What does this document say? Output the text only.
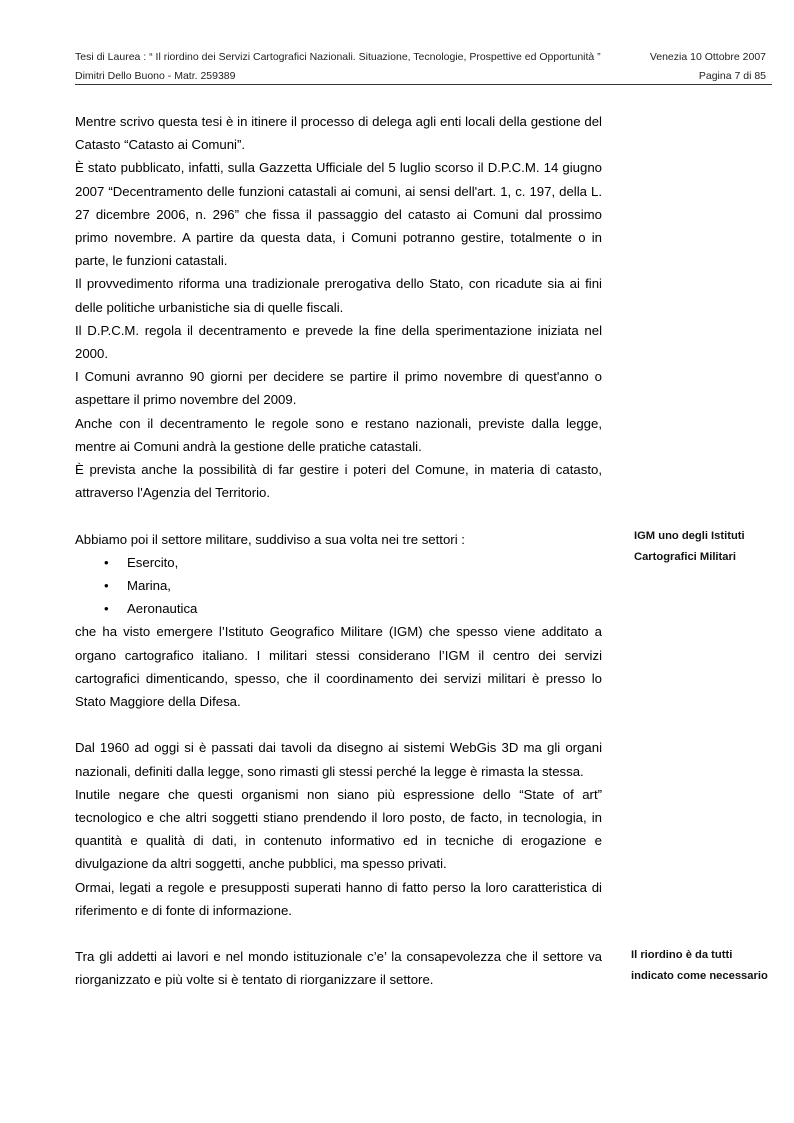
Tesi di Laurea : “ Il riordino dei Servizi Cartografici Nazionali. Situazione, Tecnologie, Prospettive ed Opportunità ”	Venezia 10 Ottobre 2007
Dimitri Dello Buono - Matr. 259389	Pagina 7 di 85

Mentre scrivo questa tesi è in itinere il processo di delega agli enti locali della gestione del Catasto “Catasto ai Comuni”.

È stato pubblicato, infatti, sulla Gazzetta Ufficiale del 5 luglio scorso il D.P.C.M. 14 giugno 2007 “Decentramento delle funzioni catastali ai comuni, ai sensi dell'art. 1, c. 197, della L. 27 dicembre 2006, n. 296” che fissa il passaggio del catasto ai Comuni dal prossimo primo novembre. A partire da questa data, i Comuni potranno gestire, totalmente o in parte, le funzioni catastali.

Il provvedimento riforma una tradizionale prerogativa dello Stato, con ricadute sia ai fini delle politiche urbanistiche sia di quelle fiscali.

Il D.P.C.M. regola il decentramento e prevede la fine della sperimentazione iniziata nel 2000.

I Comuni avranno 90 giorni per decidere se partire il primo novembre di quest'anno o aspettare il primo novembre del 2009.

Anche con il decentramento le regole sono e restano nazionali, previste dalla legge, mentre ai Comuni andrà la gestione delle pratiche catastali.

È prevista anche la possibilità di far gestire i poteri del Comune, in materia di catasto, attraverso l'Agenzia del Territorio.

Abbiamo poi il settore militare, suddiviso a sua volta nei tre settori :

• Esercito,
• Marina,
• Aeronautica

che ha visto emergere l’Istituto Geografico Militare (IGM) che spesso viene additato a organo cartografico italiano. I militari stessi considerano l’IGM il centro dei servizi cartografici dimenticando, spesso, che il coordinamento dei servizi militari è presso lo Stato Maggiore della Difesa.

Dal 1960 ad oggi si è passati dai tavoli da disegno ai sistemi WebGis 3D ma gli organi nazionali, definiti dalla legge, sono rimasti gli stessi perché la legge è rimasta la stessa.

Inutile negare che questi organismi non siano più espressione dello “State of art” tecnologico e che altri soggetti stiano prendendo il loro posto, de facto, in tecnologia, in quantità e qualità di dati, in contenuto informativo ed in tecniche di erogazione e divulgazione da altri soggetti, anche pubblici, ma spesso privati.

Ormai, legati a regole e presupposti superati hanno di fatto perso la loro caratteristica di riferimento e di fonte di informazione.

Tra gli addetti ai lavori e nel mondo istituzionale c’e’ la consapevolezza che il settore va riorganizzato e più volte si è tentato di riorganizzare il settore.

IGM uno degli Istituti
Cartografici Militari
Il riordino è da tutti
indicato come necessario
